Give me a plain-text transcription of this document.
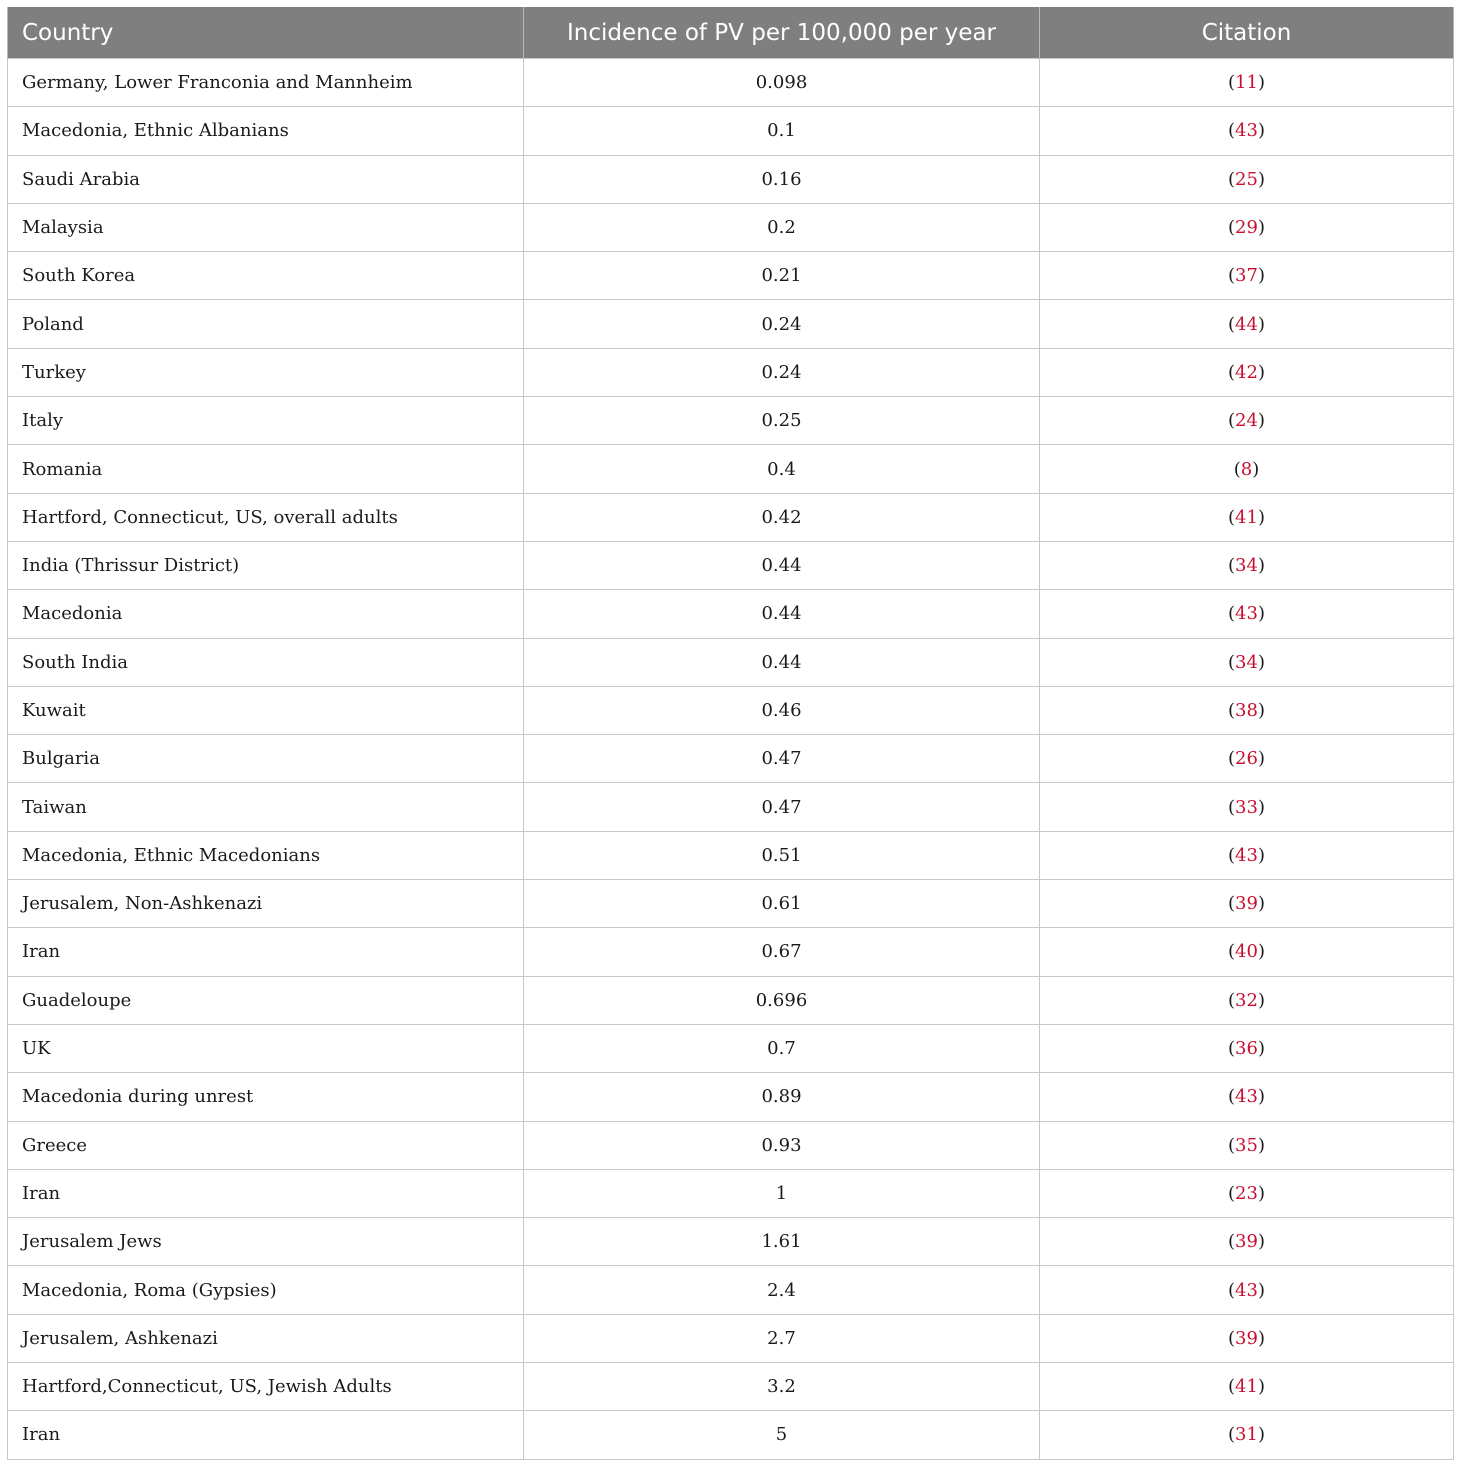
Country	Incidence of PV per 100,000 per year	Citation
Germany, Lower Franconia and Mannheim	0.098	(11)
Macedonia, Ethnic Albanians	0.1	(43)
Saudi Arabia	0.16	(25)
Malaysia	0.2	(29)
South Korea	0.21	(37)
Poland	0.24	(44)
Turkey	0.24	(42)
Italy	0.25	(24)
Romania	0.4	(8)
Hartford, Connecticut, US, overall adults	0.42	(41)
India (Thrissur District)	0.44	(34)
Macedonia	0.44	(43)
South India	0.44	(34)
Kuwait	0.46	(38)
Bulgaria	0.47	(26)
Taiwan	0.47	(33)
Macedonia, Ethnic Macedonians	0.51	(43)
Jerusalem, Non-Ashkenazi	0.61	(39)
Iran	0.67	(40)
Guadeloupe	0.696	(32)
UK	0.7	(36)
Macedonia during unrest	0.89	(43)
Greece	0.93	(35)
Iran	1	(23)
Jerusalem Jews	1.61	(39)
Macedonia, Roma (Gypsies)	2.4	(43)
Jerusalem, Ashkenazi	2.7	(39)
Hartford,Connecticut, US, Jewish Adults	3.2	(41)
Iran	5	(31)
